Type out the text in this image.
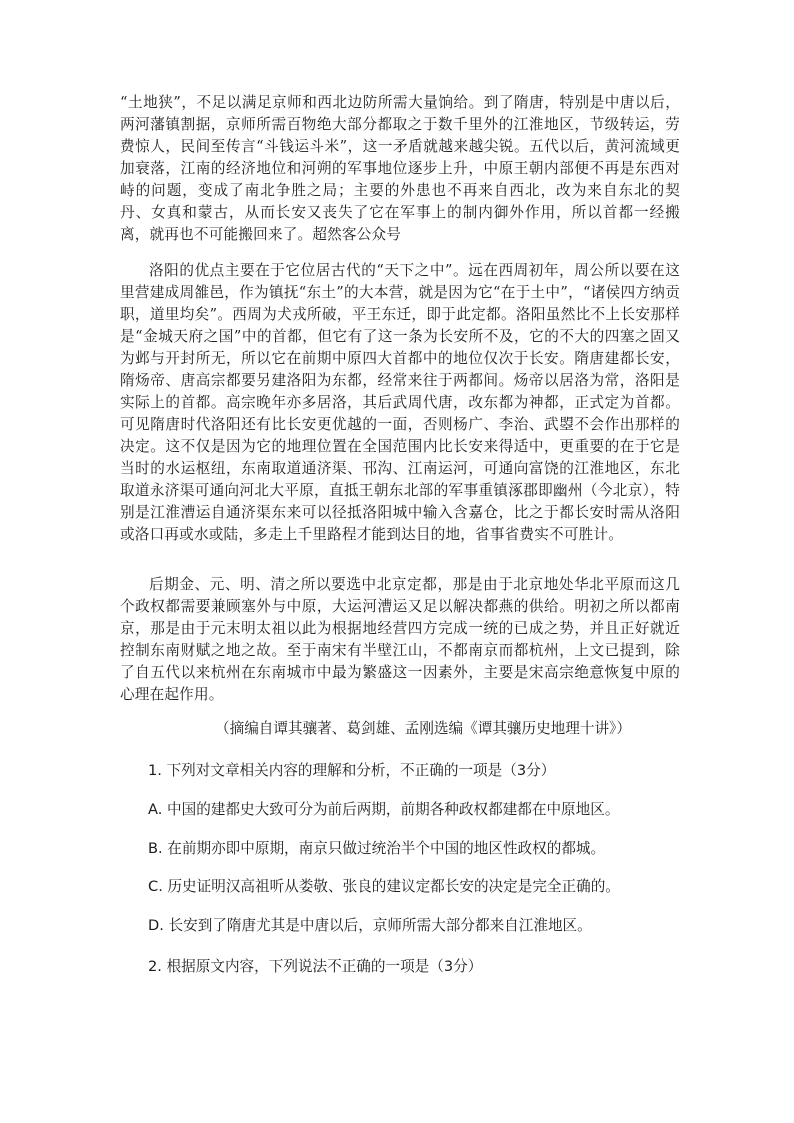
“土地狭”，不足以满足京师和西北边防所需大量饷给。到了隋唐，特别是中唐以后，两河藩镇割据，京师所需百物绝大部分都取之于数千里外的江淮地区，节级转运，劳费惊人，民间至传言“斗钱运斗米”，这一矛盾就越来越尖锐。五代以后，黄河流域更加衰落，江南的经济地位和河朔的军事地位逐步上升，中原王朝内部便不再是东西对峙的问题，变成了南北争胜之局；主要的外患也不再来自西北，改为来自东北的契丹、女真和蒙古，从而长安又丧失了它在军事上的制内御外作用，所以首都一经搬离，就再也不可能搬回来了。超然客公众号

洛阳的优点主要在于它位居古代的“天下之中”。远在西周初年，周公所以要在这里营建成周雒邑，作为镇抚“东土”的大本营，就是因为它“在于土中”，“诸侯四方纳贡职，道里均矣”。西周为犬戎所破，平王东迁，即于此定都。洛阳虽然比不上长安那样是“金城天府之国”中的首都，但它有了这一条为长安所不及，它的不大的四塞之固又为邺与开封所无，所以它在前期中原四大首都中的地位仅次于长安。隋唐建都长安，隋炀帝、唐高宗都要另建洛阳为东都，经常来往于两都间。炀帝以居洛为常，洛阳是实际上的首都。高宗晚年亦多居洛，其后武周代唐，改东都为神都，正式定为首都。可见隋唐时代洛阳还有比长安更优越的一面，否则杨广、李治、武曌不会作出那样的决定。这不仅是因为它的地理位置在全国范围内比长安来得适中，更重要的在于它是当时的水运枢纽，东南取道通济渠、邗沟、江南运河，可通向富饶的江淮地区，东北取道永济渠可通向河北大平原，直抵王朝东北部的军事重镇涿郡即幽州（今北京），特别是江淮漕运自通济渠东来可以径抵洛阳城中输入含嘉仓，比之于都长安时需从洛阳或洛口再或水或陆，多走上千里路程才能到达目的地，省事省费实不可胜计。

后期金、元、明、清之所以要选中北京定都，那是由于北京地处华北平原而这几个政权都需要兼顾塞外与中原，大运河漕运又足以解决都燕的供给。明初之所以都南京，那是由于元末明太祖以此为根据地经营四方完成一统的已成之势，并且正好就近控制东南财赋之地之故。至于南宋有半壁江山，不都南京而都杭州，上文已提到，除了自五代以来杭州在东南城市中最为繁盛这一因素外，主要是宋高宗绝意恢复中原的心理在起作用。

（摘编自谭其骧著、葛剑雄、孟刚选编《谭其骧历史地理十讲》）
1. 下列对文章相关内容的理解和分析，不正确的一项是（3分）
A. 中国的建都史大致可分为前后两期，前期各种政权都建都在中原地区。
B. 在前期亦即中原期，南京只做过统治半个中国的地区性政权的都城。
C. 历史证明汉高祖听从娄敬、张良的建议定都长安的决定是完全正确的。
D. 长安到了隋唐尤其是中唐以后，京师所需大部分都来自江淮地区。
2. 根据原文内容，下列说法不正确的一项是（3分）
